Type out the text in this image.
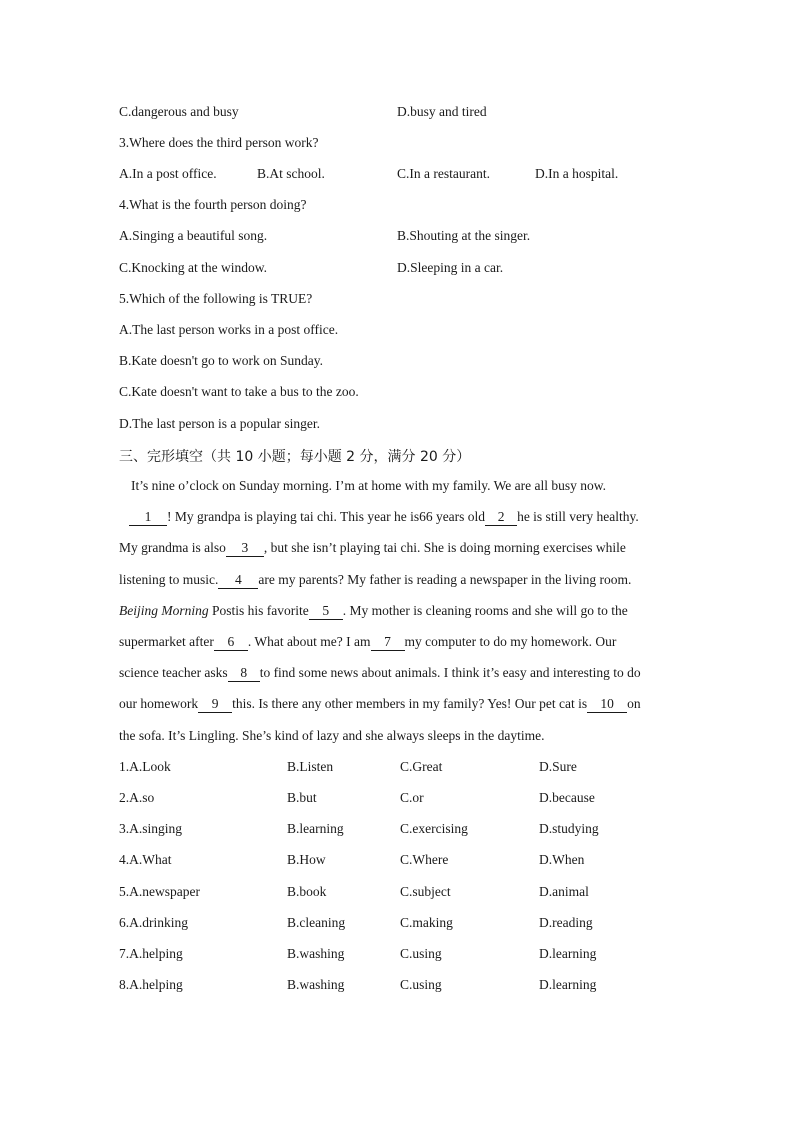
C.dangerous and busy	D.busy and tired
3.Where does the third person work?
A.In a post office.	B.At school.	C.In a restaurant.	D.In a hospital.
4.What is the fourth person doing?
A.Singing a beautiful song.	B.Shouting at the singer.
C.Knocking at the window.	D.Sleeping in a car.
5.Which of the following is TRUE?
A.The last person works in a post office.
B.Kate doesn't go to work on Sunday.
C.Kate doesn't want to take a bus to the zoo.
D.The last person is a popular singer.
三、完形填空（共 10 小题；每小题 2 分，满分 20 分）
It’s nine o’clock on Sunday morning. I’m at home with my family. We are all busy now.
1 ! My grandpa is playing tai chi. This year he is66 years old 2 he is still very healthy.
My grandma is also 3 , but she isn’t playing tai chi. She is doing morning exercises while
listening to music. 4 are my parents? My father is reading a newspaper in the living room.
Beijing Morning Postis his favorite 5 . My mother is cleaning rooms and she will go to the
supermarket after 6 . What about me? I am 7 my computer to do my homework. Our
science teacher asks 8 to find some news about animals. I think it’s easy and interesting to do
our homework 9 this. Is there any other members in my family? Yes! Our pet cat is 10 on
the sofa. It’s Lingling. She’s kind of lazy and she always sleeps in the daytime.
1.A.Look	B.Listen	C.Great	D.Sure
2.A.so	B.but	C.or	D.because
3.A.singing	B.learning	C.exercising	D.studying
4.A.What	B.How	C.Where	D.When
5.A.newspaper	B.book	C.subject	D.animal
6.A.drinking	B.cleaning	C.making	D.reading
7.A.helping	B.washing	C.using	D.learning
8.A.helping	B.washing	C.using	D.learning
